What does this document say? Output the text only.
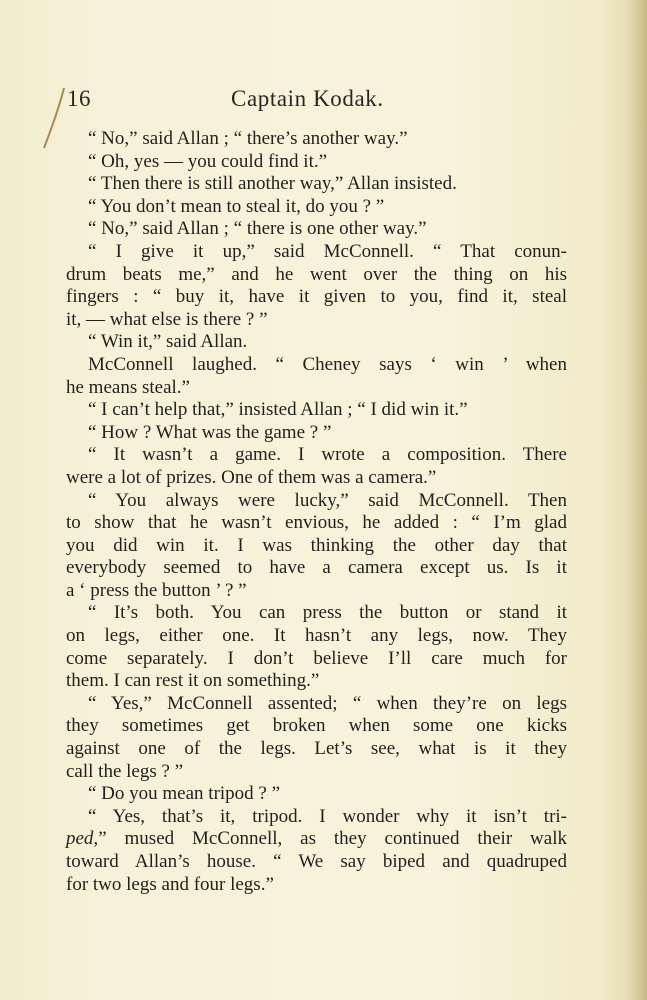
16	Captain Kodak.
“ No,” said Allan ; “ there’s another way.”
“ Oh, yes — you could find it.”
“ Then there is still another way,” Allan insisted.
“ You don’t mean to steal it, do you ? ”
“ No,” said Allan ; “ there is one other way.”
“ I give it up,” said McConnell. “ That conun-
drum beats me,” and he went over the thing on his
fingers : “ buy it, have it given to you, find it, steal
it, — what else is there ? ”
“ Win it,” said Allan.
McConnell laughed. “ Cheney says ‘ win ’ when
he means steal.”
“ I can’t help that,” insisted Allan ; “ I did win it.”
“ How ? What was the game ? ”
“ It wasn’t a game. I wrote a composition. There
were a lot of prizes. One of them was a camera.”
“ You always were lucky,” said McConnell. Then
to show that he wasn’t envious, he added : “ I’m glad
you did win it. I was thinking the other day that
everybody seemed to have a camera except us. Is it
a ‘ press the button ’ ? ”
“ It’s both. You can press the button or stand it
on legs, either one. It hasn’t any legs, now. They
come separately. I don’t believe I’ll care much for
them. I can rest it on something.”
“ Yes,” McConnell assented; “ when they’re on legs
they sometimes get broken when some one kicks
against one of the legs. Let’s see, what is it they
call the legs ? ”
“ Do you mean tripod ? ”
“ Yes, that’s it, tripod. I wonder why it isn’t tri-
ped,” mused McConnell, as they continued their walk
toward Allan’s house. “ We say biped and quadruped
for two legs and four legs.”
